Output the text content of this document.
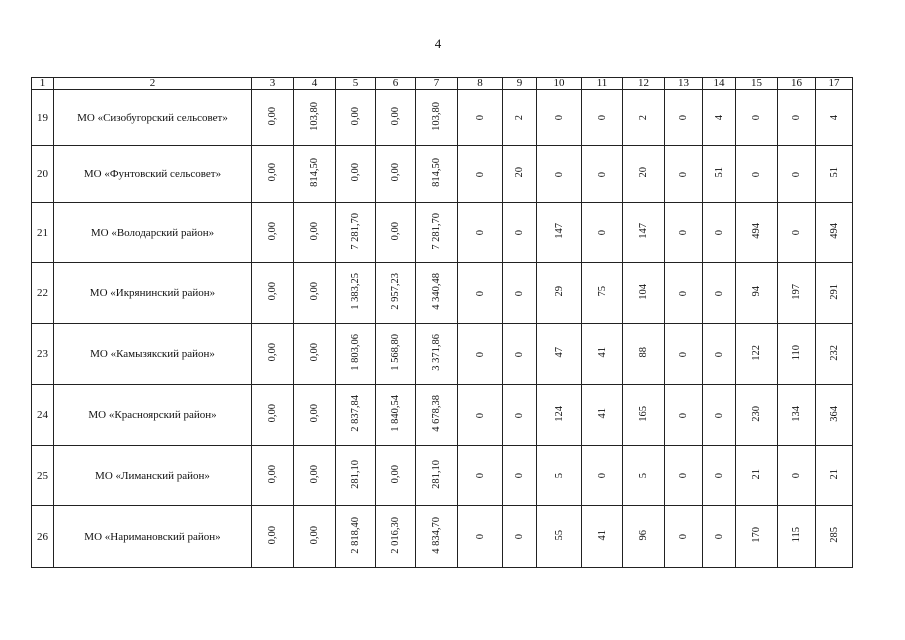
4
1	2	3	4	5	6	7	8	9	10	11	12	13	14	15	16	17
19	МО «Сизобугорский сельсовет»	0,00	103,80	0,00	0,00	103,80	0	2	0	0	2	0	4	0	0	4
20	МО «Фунтовский сельсовет»	0,00	814,50	0,00	0,00	814,50	0	20	0	0	20	0	51	0	0	51
21	МО «Володарский район»	0,00	0,00	7 281,70	0,00	7 281,70	0	0	147	0	147	0	0	494	0	494
22	МО «Икрянинский район»	0,00	0,00	1 383,25	2 957,23	4 340,48	0	0	29	75	104	0	0	94	197	291
23	МО «Камызякский район»	0,00	0,00	1 803,06	1 568,80	3 371,86	0	0	47	41	88	0	0	122	110	232
24	МО «Красноярский район»	0,00	0,00	2 837,84	1 840,54	4 678,38	0	0	124	41	165	0	0	230	134	364
25	МО «Лиманский район»	0,00	0,00	281,10	0,00	281,10	0	0	5	0	5	0	0	21	0	21
26	МО «Наримановский район»	0,00	0,00	2 818,40	2 016,30	4 834,70	0	0	55	41	96	0	0	170	115	285
